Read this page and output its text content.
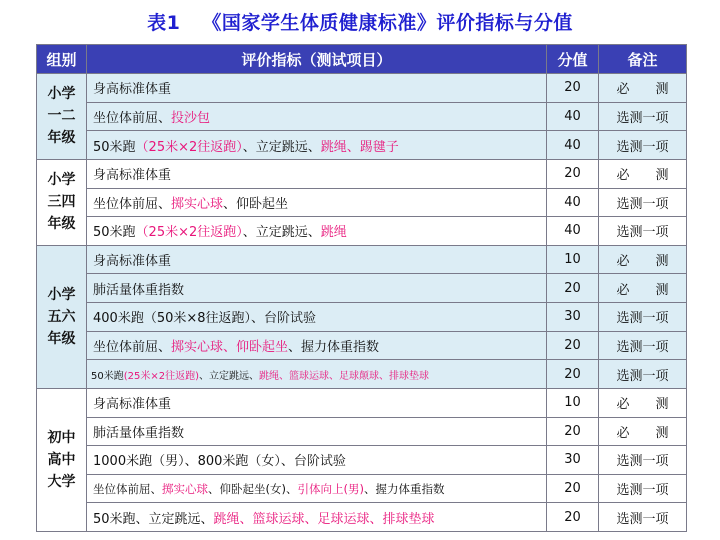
表1 《国家学生体质健康标准》评价指标与分值
组别	评价指标（测试项目）	分值	备注

小学
一二
年级	身高标准体重	20	必　　测
	坐位体前屈、投沙包	40	选测一项
	50米跑（25米×2往返跑）、立定跳远、跳绳、踢毽子	40	选测一项

小学
三四
年级	身高标准体重	20	必　　测
	坐位体前屈、掷实心球、仰卧起坐	40	选测一项
	50米跑（25米×2往返跑）、立定跳远、跳绳	40	选测一项

小学
五六
年级	身高标准体重	10	必　　测
	肺活量体重指数	20	必　　测
	400米跑（50米×8往返跑）、台阶试验	30	选测一项
	坐位体前屈、掷实心球、仰卧起坐、握力体重指数	20	选测一项
	50米跑(25米×2往返跑)、立定跳远、跳绳、篮球运球、足球颠球、排球垫球	20	选测一项

初中
高中
大学	身高标准体重	10	必　　测
	肺活量体重指数	20	必　　测
	1000米跑（男）、800米跑（女）、台阶试验	30	选测一项
	坐位体前屈、掷实心球、仰卧起坐(女)、引体向上(男)、握力体重指数	20	选测一项
	50米跑、立定跳远、跳绳、篮球运球、足球运球、排球垫球	20	选测一项
